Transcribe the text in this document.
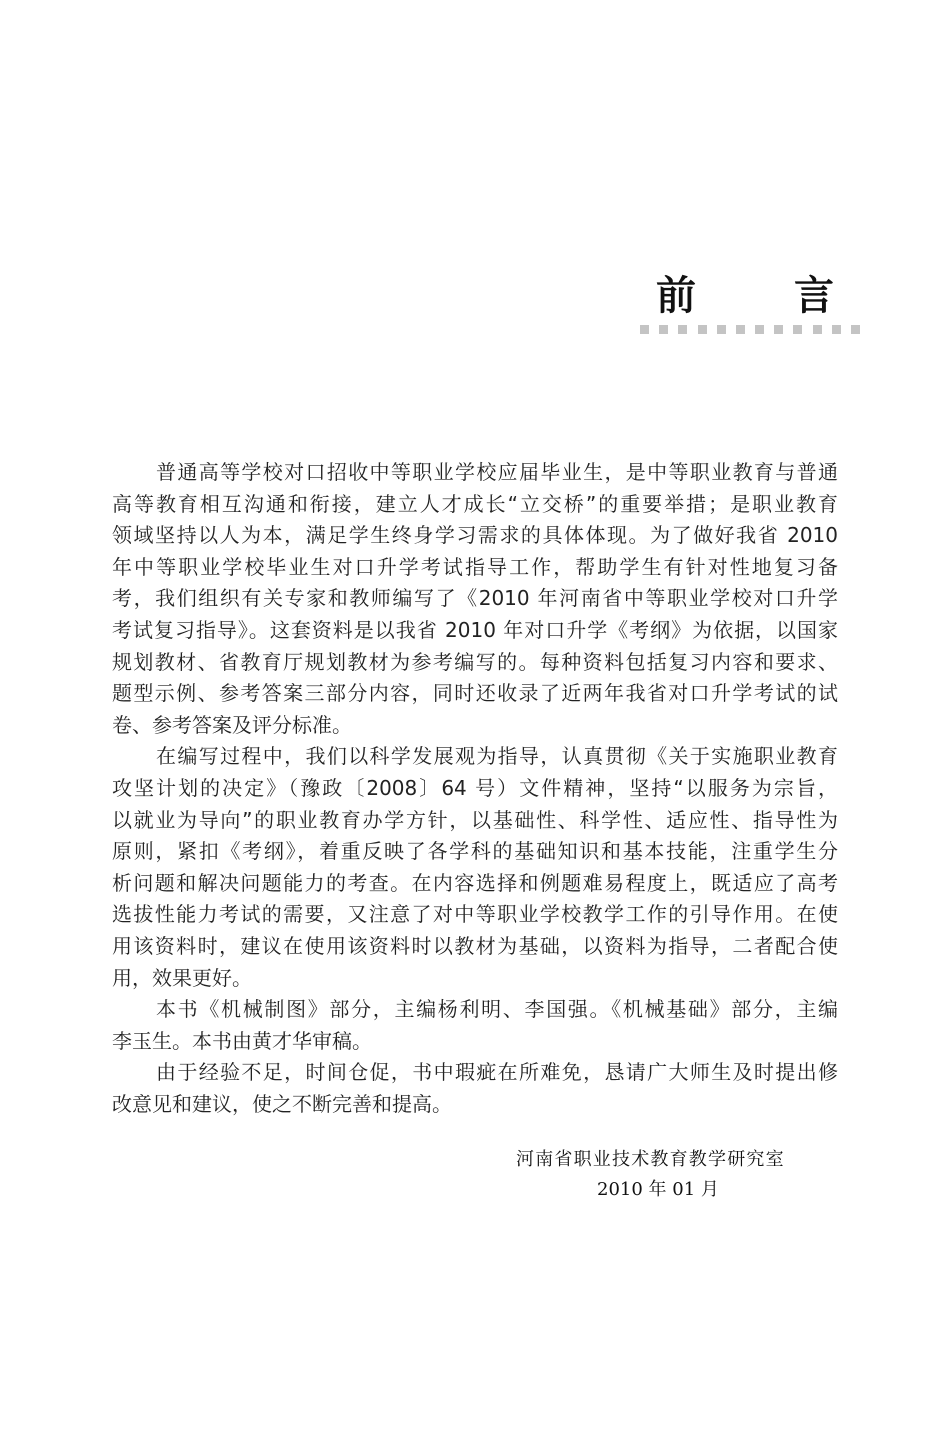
前 言
普通高等学校对口招收中等职业学校应届毕业生，是中等职业教育与普通
高等教育相互沟通和衔接，建立人才成长“立交桥”的重要举措；是职业教育
领域坚持以人为本，满足学生终身学习需求的具体体现。为了做好我省 2010
年中等职业学校毕业生对口升学考试指导工作，帮助学生有针对性地复习备
考，我们组织有关专家和教师编写了《2010 年河南省中等职业学校对口升学
考试复习指导》。这套资料是以我省 2010 年对口升学《考纲》为依据，以国家
规划教材、省教育厅规划教材为参考编写的。每种资料包括复习内容和要求、
题型示例、参考答案三部分内容，同时还收录了近两年我省对口升学考试的试
卷、参考答案及评分标准。
在编写过程中，我们以科学发展观为指导，认真贯彻《关于实施职业教育
攻坚计划的决定》（豫政〔2008〕64 号）文件精神，坚持“以服务为宗旨，
以就业为导向”的职业教育办学方针，以基础性、科学性、适应性、指导性为
原则，紧扣《考纲》，着重反映了各学科的基础知识和基本技能，注重学生分
析问题和解决问题能力的考查。在内容选择和例题难易程度上，既适应了高考
选拔性能力考试的需要，又注意了对中等职业学校教学工作的引导作用。在使
用该资料时，建议在使用该资料时以教材为基础，以资料为指导，二者配合使
用，效果更好。
本书《机械制图》部分，主编杨利明、李国强。《机械基础》部分，主编
李玉生。本书由黄才华审稿。
由于经验不足，时间仓促，书中瑕疵在所难免，恳请广大师生及时提出修
改意见和建议，使之不断完善和提高。
河南省职业技术教育教学研究室
2010 年 01 月
